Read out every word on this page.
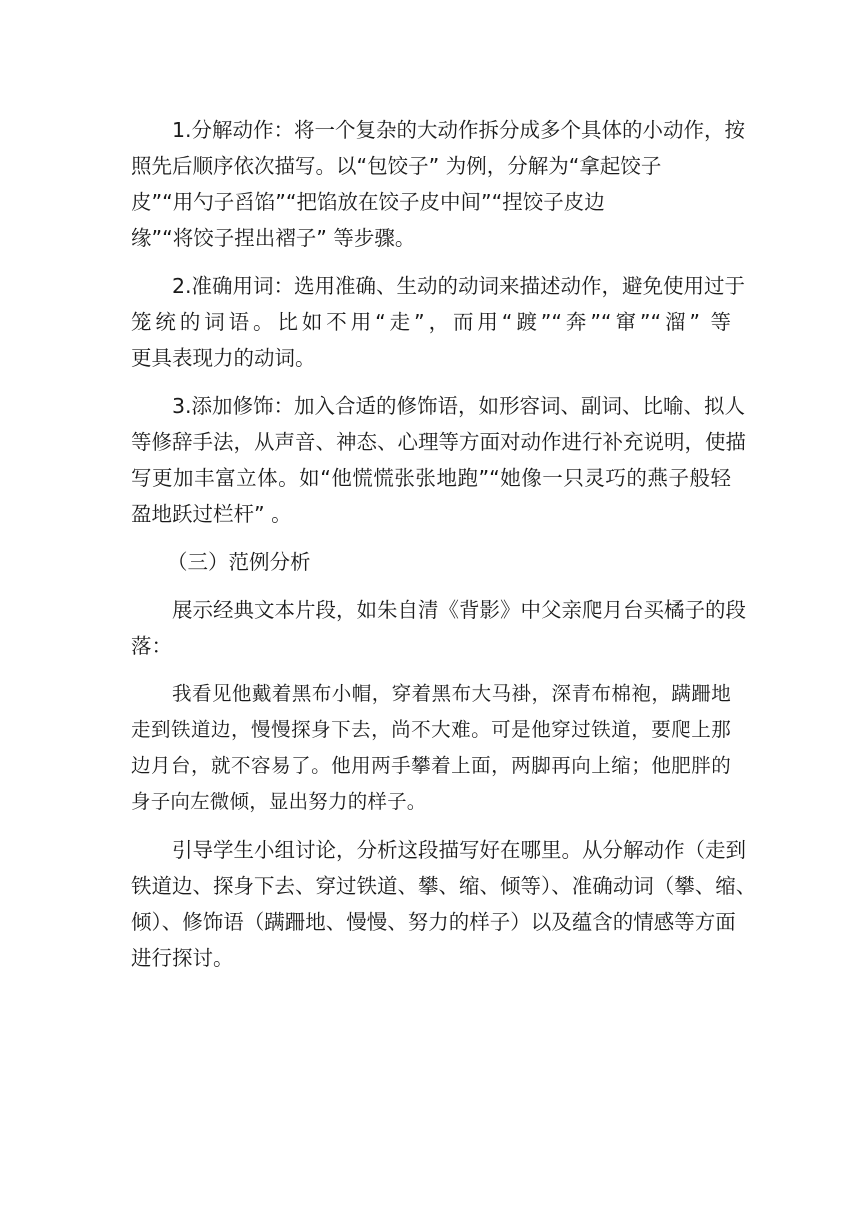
1.分解动作：将一个复杂的大动作拆分成多个具体的小动作，按
照先后顺序依次描写。以“包饺子” 为例，分解为“拿起饺子
皮”“用勺子舀馅”“把馅放在饺子皮中间”“捏饺子皮边
缘”“将饺子捏出褶子” 等步骤。
2.准确用词：选用准确、生动的动词来描述动作，避免使用过于
笼统的词语。比如不用“走”，而用“踱”“奔”“窜”“溜” 等
更具表现力的动词。
3.添加修饰：加入合适的修饰语，如形容词、副词、比喻、拟人
等修辞手法，从声音、神态、心理等方面对动作进行补充说明，使描
写更加丰富立体。如“他慌慌张张地跑”“她像一只灵巧的燕子般轻
盈地跃过栏杆” 。
（三）范例分析
展示经典文本片段，如朱自清《背影》中父亲爬月台买橘子的段
落：
我看见他戴着黑布小帽，穿着黑布大马褂，深青布棉袍，蹒跚地
走到铁道边，慢慢探身下去，尚不大难。可是他穿过铁道，要爬上那
边月台，就不容易了。他用两手攀着上面，两脚再向上缩；他肥胖的
身子向左微倾，显出努力的样子。
引导学生小组讨论，分析这段描写好在哪里。从分解动作（走到
铁道边、探身下去、穿过铁道、攀、缩、倾等）、准确动词（攀、缩、
倾）、修饰语（蹒跚地、慢慢、努力的样子）以及蕴含的情感等方面
进行探讨。
